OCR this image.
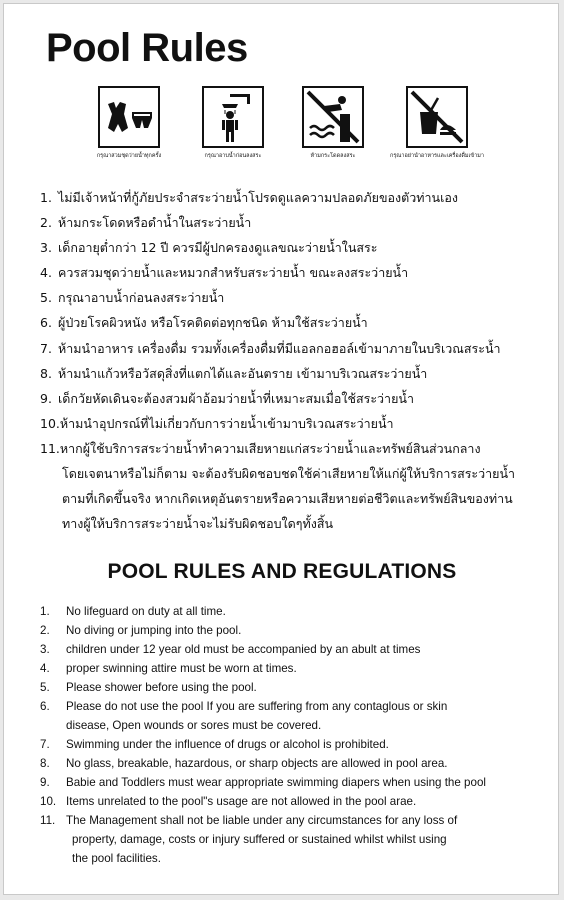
Pool Rules
กรุณาสวมชุดว่ายน้ำทุกครั้ง	กรุณาอาบน้ำก่อนลงสระ	ห้ามกระโดดลงสระ	กรุณาอย่านำอาหารและเครื่องดื่มเข้ามา
1. ไม่มีเจ้าหน้าที่กู้ภัยประจำสระว่ายน้ำโปรดดูแลความปลอดภัยของตัวท่านเอง
2. ห้ามกระโดดหรือดำน้ำในสระว่ายน้ำ
3. เด็กอายุต่ำกว่า 12 ปี ควรมีผู้ปกครองดูแลขณะว่ายน้ำในสระ
4. ควรสวมชุดว่ายน้ำและหมวกสำหรับสระว่ายน้ำ ขณะลงสระว่ายน้ำ
5. กรุณาอาบน้ำก่อนลงสระว่ายน้ำ
6. ผู้ป่วยโรคผิวหนัง หรือโรคติดต่อทุกชนิด ห้ามใช้สระว่ายน้ำ
7. ห้ามนำอาหาร เครื่องดื่ม รวมทั้งเครื่องดื่มที่มีแอลกอฮอล์เข้ามาภายในบริเวณสระน้ำ
8. ห้ามนำแก้วหรือวัสดุสิ่งที่แตกได้และอันตราย เข้ามาบริเวณสระว่ายน้ำ
9. เด็กวัยหัดเดินจะต้องสวมผ้าอ้อมว่ายน้ำที่เหมาะสมเมื่อใช้สระว่ายน้ำ
10.ห้ามนำอุปกรณ์ที่ไม่เกี่ยวกับการว่ายน้ำเข้ามาบริเวณสระว่ายน้ำ
11.หากผู้ใช้บริการสระว่ายน้ำทำความเสียหายแก่สระว่ายน้ำและทรัพย์สินส่วนกลาง
โดยเจตนาหรือไม่ก็ตาม จะต้องรับผิดชอบชดใช้ค่าเสียหายให้แก่ผู้ให้บริการสระว่ายน้ำ
ตามที่เกิดขึ้นจริง หากเกิดเหตุอันตรายหรือความเสียหายต่อชีวิตและทรัพย์สินของท่าน
ทางผู้ให้บริการสระว่ายน้ำจะไม่รับผิดชอบใดๆทั้งสิ้น
POOL RULES AND REGULATIONS
1. No lifeguard on duty at all time.
2. No diving or jumping into the pool.
3. children under 12 year old must be accompanied by an abult at times
4. proper swinning attire must be worn at times.
5. Please shower before using the pool.
6. Please do not use the pool If you are suffering from any contaglous or skin
disease, Open wounds or sores must be covered.
7. Swimming under the influence of drugs or alcohol is prohibited.
8. No glass, breakable, hazardous, or sharp objects are allowed in pool area.
9. Babie and Toddlers must wear appropriate swimming diapers when using the pool
10. Items unrelated to the pool"s usage are not allowed in the pool arae.
11. The Management shall not be liable under any circumstances for any loss of
property, damage, costs or injury suffered or sustained whilst whilst using
the pool facilities.
